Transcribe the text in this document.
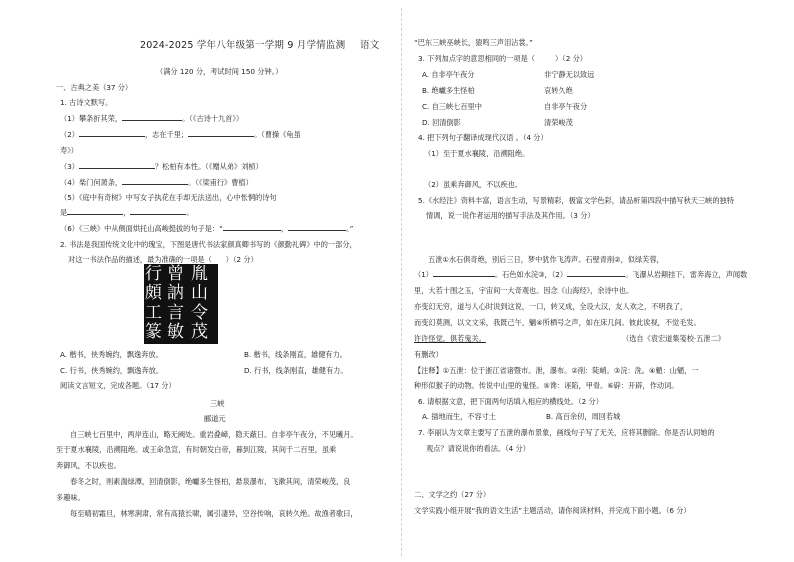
2024-2025 学年八年级第一学期 9 月学情监测 语文
（满分 120 分，考试时间 150 分钟。）
一、古典之美（37 分）
1. 古诗文默写。
（1）攀条折其荣，	。（《古诗十九首》）
（2）	，志在千里；	。（曹操《龟虽
寿》）
（3）	？松柏有本性。（《赠从弟》刘桢）
（4）柴门何萧条，	。（《梁甫行》曹植）
（5）《庭中有奇树》中写女子执花在手却无法送出，心中怅惘的诗句
是	，	。
（6）《三峡》中从侧面烘托山高峻挺拔的句子是：“	，	。”
2. 书法是我国传统文化中的瑰宝，下图是唐代书法家颜真卿书写的《颜勤礼碑》中的一部分，
对这一书法作品的描述，最为准确的一项是（ ）（2 分）
A. 楷书，侠秀婉约，飘逸奔放。	B. 楷书，线条刚直，雄健有力。
C. 行书，侠秀婉约，飘逸奔放。	D. 行书，线条刚直，雄健有力。
阅读文言短文，完成各题。（17 分）
三峡
郦道元
自三峡七百里中，两岸连山，略无阙处。重岩叠嶂，隐天蔽日。自非亭午夜分，不见曦月。
至于夏水襄陵，沿溯阻绝。或王命急宣，有时朝发白帝，暮到江陵，其间千二百里，虽乘
奔御风，不以疾也。
春冬之时，则素湍绿潭，回清倒影，绝巘多生怪柏，悬泉瀑布，飞漱其间，清荣峻茂，良
多趣味。
每至晴初霜旦，林寒涧肃，常有高猿长啸，属引凄异，空谷传响，哀转久绝。故渔者歌曰，
行 曾 胤
頗 訥 山
工 言 令
篆 敏 茂
“巴东三峡巫峡长，猿鸣三声泪沾裳。”
3. 下列加点字的意思相同的一项是（	）（2 分）
A. 自非亭午夜分	非宁静无以致远
B. 绝巘多生怪柏	哀转久绝
C. 自三峡七百里中	自非亭午夜分
D. 回清倒影	清荣峻茂
4. 把下列句子翻译成现代汉语 。（4 分）
（1）至于夏水襄陵，沿溯阻绝。
（2）虽乘奔御风，不以疾也。
5.《水经注》资料丰富，语言生动，写景精彩，极富文学色彩，请品析第四段中描写秋天三峡的独特
情调，说一说作者运用的描写手法及其作用。（3 分）
五泄①水石俱奇绝，别后三日，梦中犹作飞涛声。石壁青削②，似绿芙蓉，
（1）	。石色如水浣③，（2）	。飞瀑从岩颠挂下，雷奔海立，声闻数
里，大若十围之玉，宇宙间一大奇观也。因念《山海经》，余诗中也。
亦变幻无穷，道与人心时说到这说，一口，转又成，全设大汉，友人欢之，不明我了，
而变幻莫测，以文文采，我既己午，魑④所栖号之声，如在床几间。彼此诶视，不觉毛发。
许许怪觉，俱若鬼关。	（选自《袁宏道集笺校·五泄二》
有删改）
【注释】①五泄：位于浙江省诸暨市。泄，瀑布。②削：陡峭。③浣：洗。④魈：山魈，一
种形似猴子的动物。传说中山里的鬼怪。⑤谗：诬陷，甲骨。⑥辟：开辟，作动词。
6. 请根据文意，把下面两句话填入相应的横线处。（2 分）
A. 插地而生，不容寸土	B. 高百余仞，周回若城
7. 李丽认为文章主要写了五泄的瀑布景象，画线句子写了无关，应将其删除。你是否认同她的
观点？请说说你的看法。（4 分）
二、文学之约（27 分）
文学实践小组开展“我的语文生活”主题活动，请你阅读材料，并完成下面小题。（6 分）
